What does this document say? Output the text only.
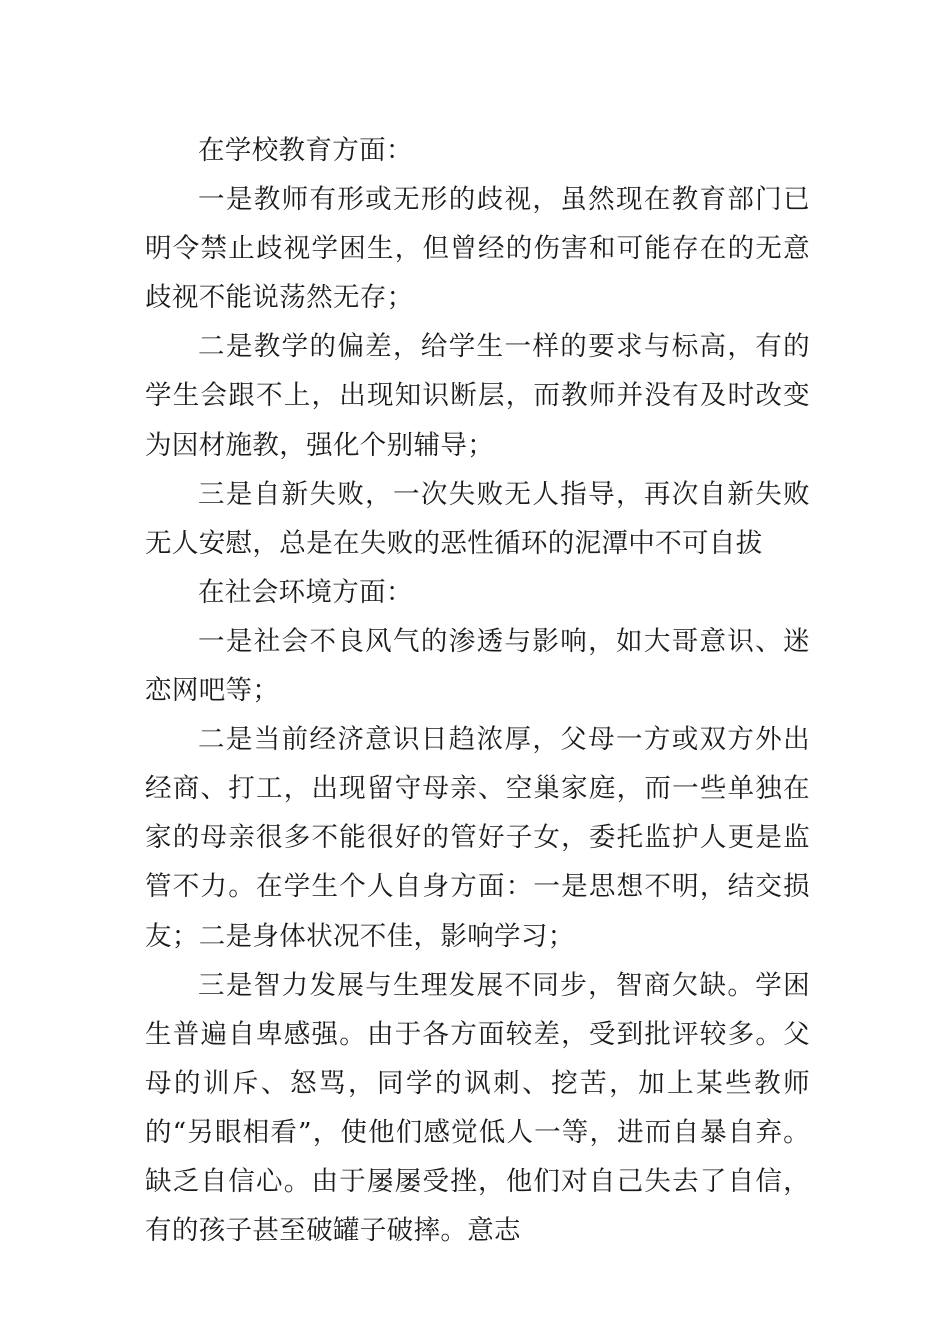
在学校教育方面：

一是教师有形或无形的歧视，虽然现在教育部门已明令禁止歧视学困生，但曾经的伤害和可能存在的无意歧视不能说荡然无存；

二是教学的偏差，给学生一样的要求与标高，有的学生会跟不上，出现知识断层，而教师并没有及时改变为因材施教，强化个别辅导；

三是自新失败，一次失败无人指导，再次自新失败无人安慰，总是在失败的恶性循环的泥潭中不可自拔

在社会环境方面：

一是社会不良风气的渗透与影响，如大哥意识、迷恋网吧等；

二是当前经济意识日趋浓厚，父母一方或双方外出经商、打工，出现留守母亲、空巢家庭，而一些单独在家的母亲很多不能很好的管好子女，委托监护人更是监管不力。在学生个人自身方面：一是思想不明，结交损友；二是身体状况不佳，影响学习；

三是智力发展与生理发展不同步，智商欠缺。学困生普遍自卑感强。由于各方面较差，受到批评较多。父母的训斥、怒骂，同学的讽刺、挖苦，加上某些教师的“另眼相看”，使他们感觉低人一等，进而自暴自弃。缺乏自信心。由于屡屡受挫，他们对自己失去了自信，有的孩子甚至破罐子破摔。意志
